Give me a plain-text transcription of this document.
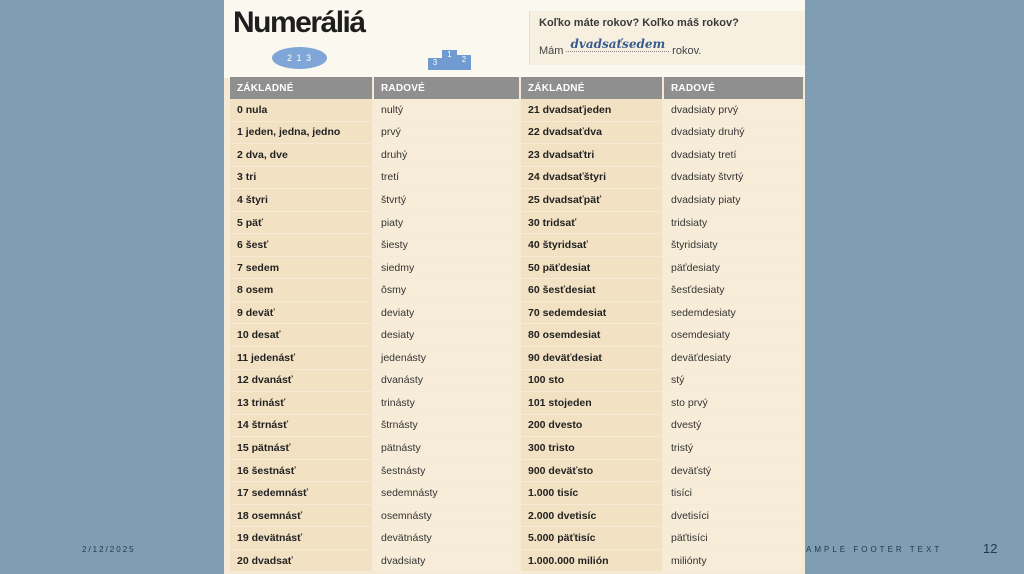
Numerálіá
2 1 3	3
1
2
Koľko máte rokov? Koľko máš rokov?
Mám dvadsaťsedem rokov.
ZÁKLADNÉ	RADOVÉ	ZÁKLADNÉ	RADOVÉ
0 nula	nultý	21 dvadsaťjeden	dvadsiaty prvý
1 jeden, jedna, jedno	prvý	22 dvadsaťdva	dvadsiaty druhý
2 dva, dve	druhý	23 dvadsaťtri	dvadsiaty tretí
3 tri	tretí	24 dvadsaťštyri	dvadsiaty štvrtý
4 štyri	štvrtý	25 dvadsaťpäť	dvadsiaty piaty
5 päť	piaty	30 tridsať	tridsiaty
6 šesť	šiesty	40 štyridsať	štyridsiaty
7 sedem	siedmy	50 päťdesiat	päťdesiaty
8 osem	ôsmy	60 šesťdesiat	šesťdesiaty
9 deväť	deviaty	70 sedemdesiat	sedemdesiaty
10 desať	desiaty	80 osemdesiat	osemdesiaty
11 jedenásť	jedenásty	90 deväťdesiat	deväťdesiaty
12 dvanásť	dvanásty	100 sto	stý
13 trinásť	trinásty	101 stojeden	sto prvý
14 štrnásť	štrnásty	200 dvesto	dvestý
15 pätnásť	pätnásty	300 tristo	tristý
16 šestnásť	šestnásty	900 deväťsto	deväťstý
17 sedemnásť	sedemnásty	1.000 tisíc	tisíci
18 osemnásť	osemnásty	2.000 dvetisíc	dvetisíci
19 devätnásť	devätnásty	5.000 päťtisíc	päťtisíci
20 dvadsať	dvadsiaty	1.000.000 milión	milióntу
2/12/2025	AMPLE FOOTER TEXT	12
